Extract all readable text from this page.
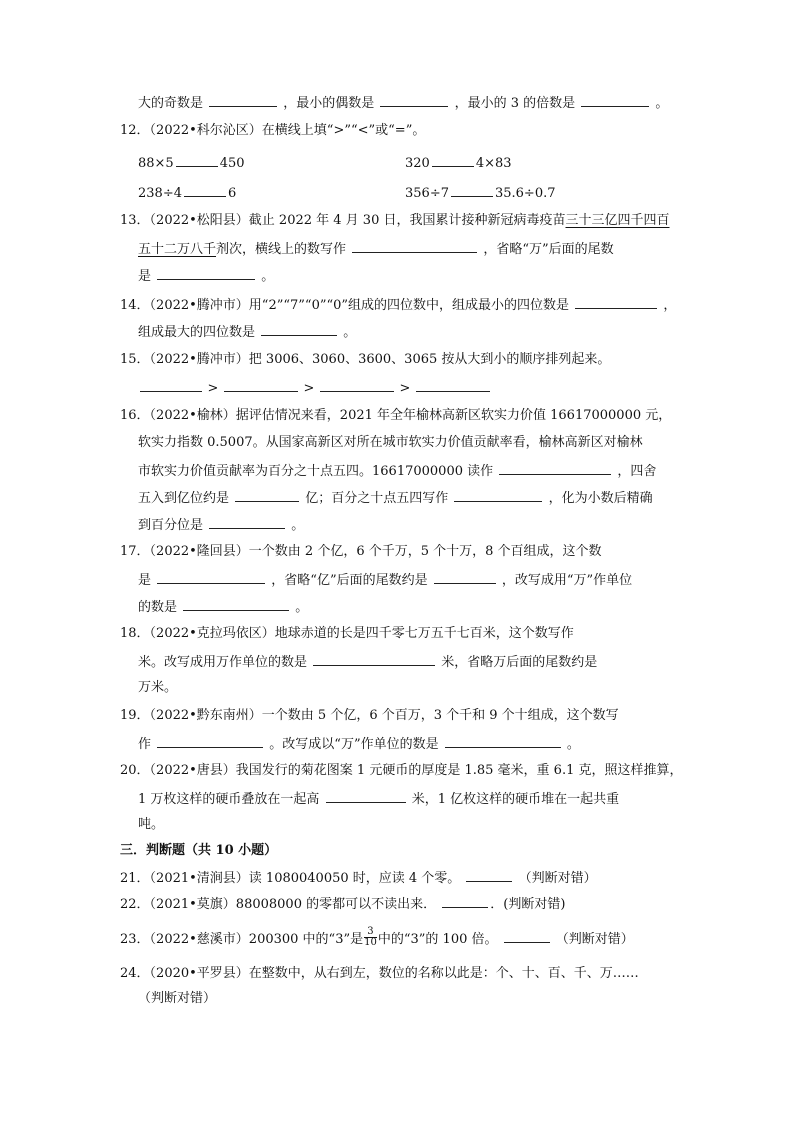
大的奇数是	，最小的偶数是	，最小的 3 的倍数是	。
12．（2022•科尔沁区）在横线上填“>”“<”或“=”。
88×5	450	320	4×83
238÷4	6	356÷7	35.6÷0.7
13．（2022•松阳县）截止 2022 年 4 月 30 日，我国累计接种新冠病毒疫苗三十三亿四千四百
五十二万八千剂次，横线上的数写作	，省略“万”后面的尾数
是	。
14．（2022•腾冲市）用“2”“7”“0”“0”组成的四位数中，组成最小的四位数是	，
组成最大的四位数是	。
15．（2022•腾冲市）把 3006、3060、3600、3065 按从大到小的顺序排列起来。
>	>	>
16．（2022•榆林）据评估情况来看，2021 年全年榆林高新区软实力价值 16617000000 元，
软实力指数 0.5007。从国家高新区对所在城市软实力价值贡献率看，榆林高新区对榆林
市软实力价值贡献率为百分之十点五四。16617000000 读作	，四舍
五入到亿位约是	亿；百分之十点五四写作	，化为小数后精确
到百分位是	。
17．（2022•隆回县）一个数由 2 个亿，6 个千万，5 个十万，8 个百组成，这个数
是	，省略“亿”后面的尾数约是	，改写成用“万”作单位
的数是	。
18．（2022•克拉玛依区）地球赤道的长是四千零七万五千七百米，这个数写作
米。改写成用万作单位的数是	米，省略万后面的尾数约是
万米。
19．（2022•黔东南州）一个数由 5 个亿，6 个百万，3 个千和 9 个十组成，这个数写
作	。改写成以“万”作单位的数是	。
20．（2022•唐县）我国发行的菊花图案 1 元硬币的厚度是 1.85 毫米，重 6.1 克，照这样推算，
1 万枚这样的硬币叠放在一起高	米，1 亿枚这样的硬币堆在一起共重
吨。
三．判断题（共 10 小题）
21．（2021•清涧县）读 1080040050 时，应读 4 个零。	（判断对错）
22．（2021•莫旗）88008000 的零都可以不读出来．	．(判断对错)
23．（2022•慈溪市）200300 中的“3”是 $\frac{3}{10}$ 中的“3”的 100 倍。	（判断对错）
24．（2020•平罗县）在整数中，从右到左，数位的名称以此是：个、十、百、千、万……
（判断对错）
